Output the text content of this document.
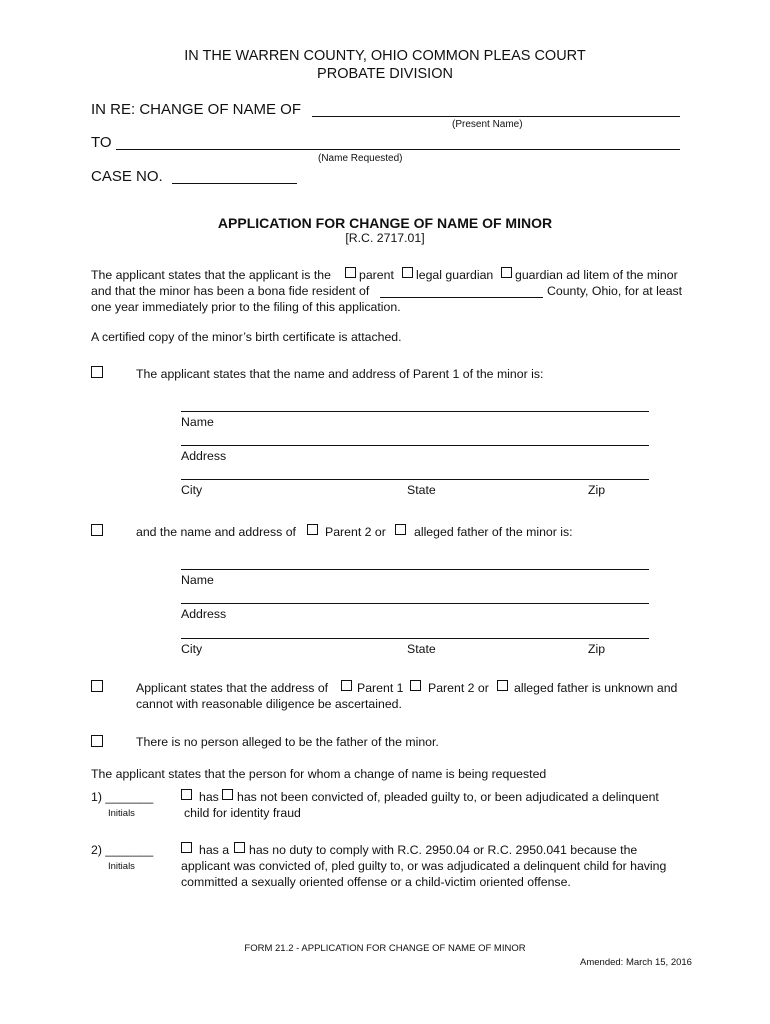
IN THE WARREN COUNTY, OHIO COMMON PLEAS COURT
PROBATE DIVISION
IN RE: CHANGE OF NAME OF
(Present Name)
TO
(Name Requested)
CASE NO.
APPLICATION FOR CHANGE OF NAME OF MINOR
[R.C. 2717.01]
The applicant states that the applicant is the parent legal guardian guardian ad litem of the minor
and that the minor has been a bona fide resident of	County, Ohio, for at least
one year immediately prior to the filing of this application.
A certified copy of the minor’s birth certificate is attached.
The applicant states that the name and address of Parent 1 of the minor is:
Name
Address
City	State	Zip
and the name and address of Parent 2 or alleged father of the minor is:
Name
Address
City	State	Zip
Applicant states that the address of Parent 1 Parent 2 or alleged father is unknown and
cannot with reasonable diligence be ascertained.
There is no person alleged to be the father of the minor.
The applicant states that the person for whom a change of name is being requested
1) _______
Initials
has has not been convicted of, pleaded guilty to, or been adjudicated a delinquent
child for identity fraud
2) _______
Initials
has a has no duty to comply with R.C. 2950.04 or R.C. 2950.041 because the
applicant was convicted of, pled guilty to, or was adjudicated a delinquent child for having
committed a sexually oriented offense or a child-victim oriented offense.
FORM 21.2 - APPLICATION FOR CHANGE OF NAME OF MINOR
Amended: March 15, 2016
